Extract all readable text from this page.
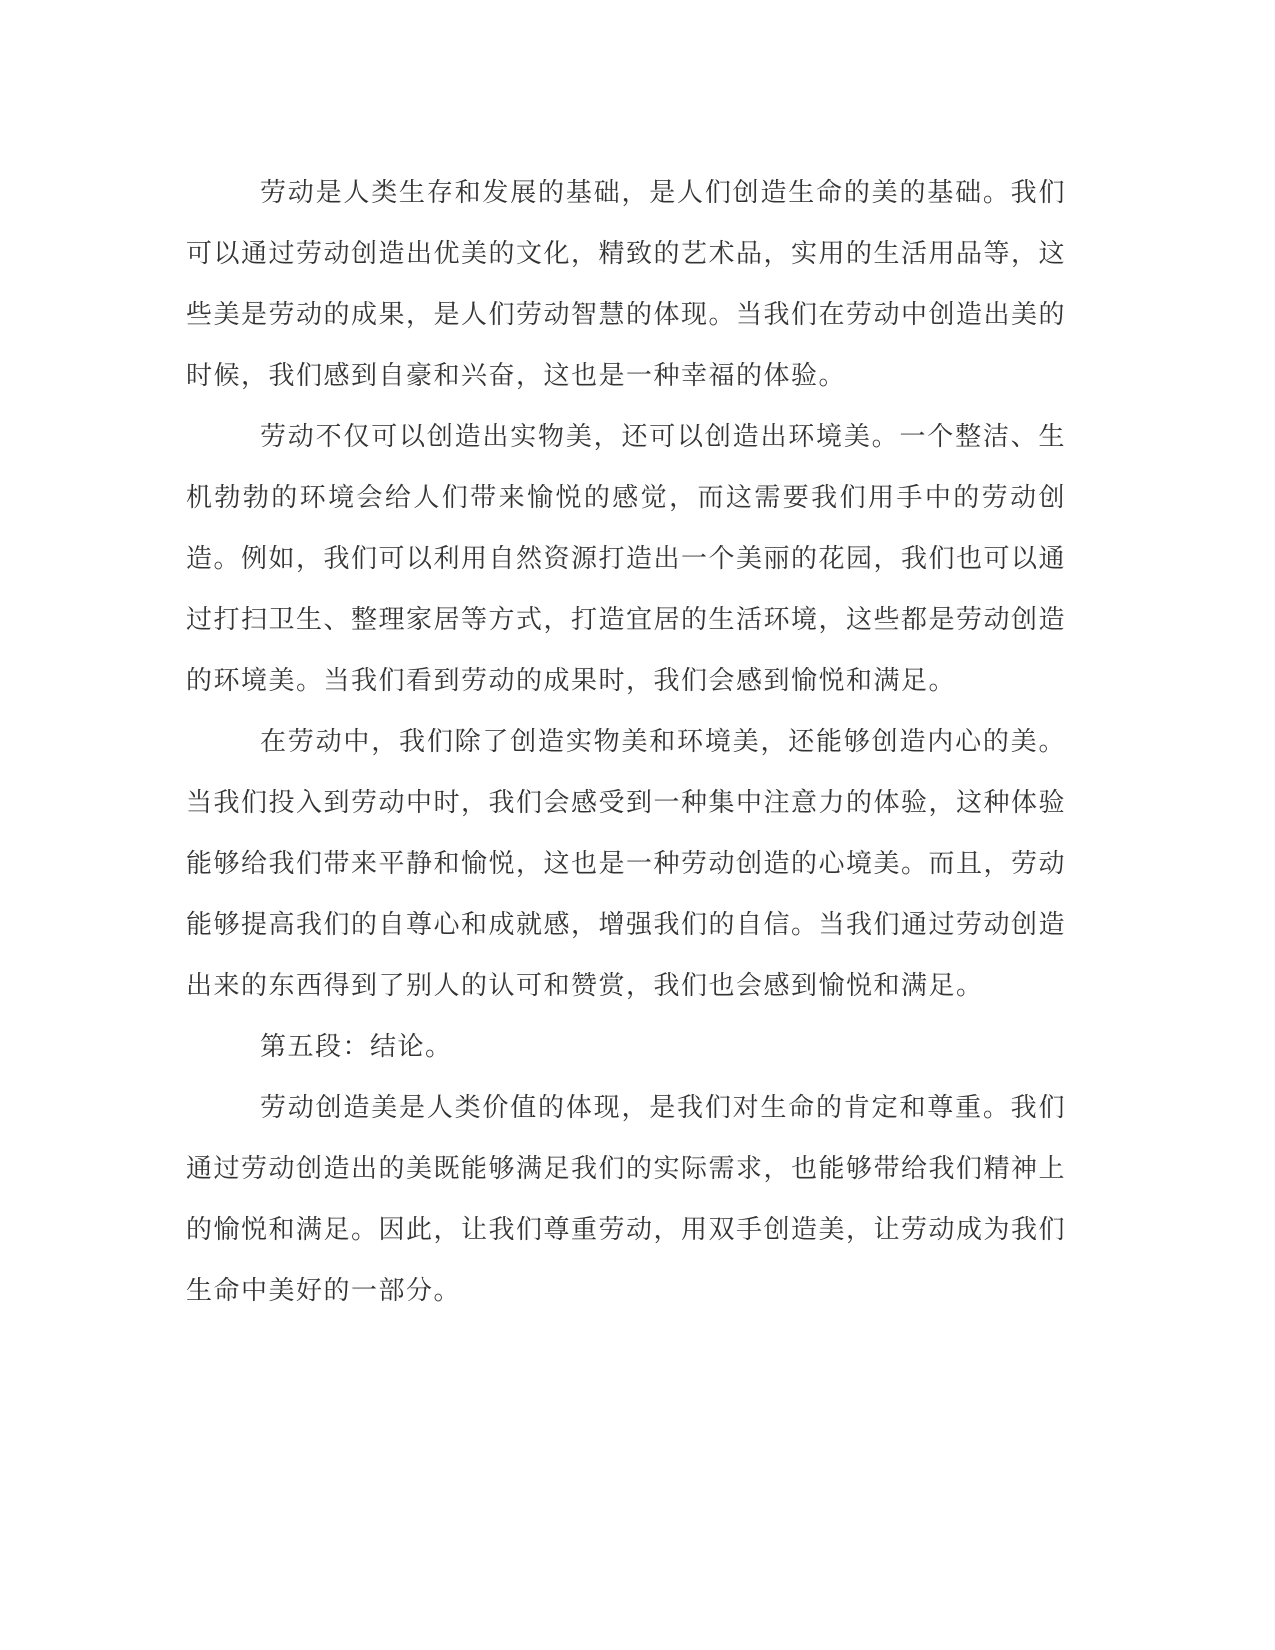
劳动是人类生存和发展的基础，是人们创造生命的美的基础。我们可以通过劳动创造出优美的文化，精致的艺术品，实用的生活用品等，这些美是劳动的成果，是人们劳动智慧的体现。当我们在劳动中创造出美的时候，我们感到自豪和兴奋，这也是一种幸福的体验。

劳动不仅可以创造出实物美，还可以创造出环境美。一个整洁、生机勃勃的环境会给人们带来愉悦的感觉，而这需要我们用手中的劳动创造。例如，我们可以利用自然资源打造出一个美丽的花园，我们也可以通过打扫卫生、整理家居等方式，打造宜居的生活环境，这些都是劳动创造的环境美。当我们看到劳动的成果时，我们会感到愉悦和满足。

在劳动中，我们除了创造实物美和环境美，还能够创造内心的美。当我们投入到劳动中时，我们会感受到一种集中注意力的体验，这种体验能够给我们带来平静和愉悦，这也是一种劳动创造的心境美。而且，劳动能够提高我们的自尊心和成就感，增强我们的自信。当我们通过劳动创造出来的东西得到了别人的认可和赞赏，我们也会感到愉悦和满足。

第五段：结论。

劳动创造美是人类价值的体现，是我们对生命的肯定和尊重。我们通过劳动创造出的美既能够满足我们的实际需求，也能够带给我们精神上的愉悦和满足。因此，让我们尊重劳动，用双手创造美，让劳动成为我们生命中美好的一部分。
